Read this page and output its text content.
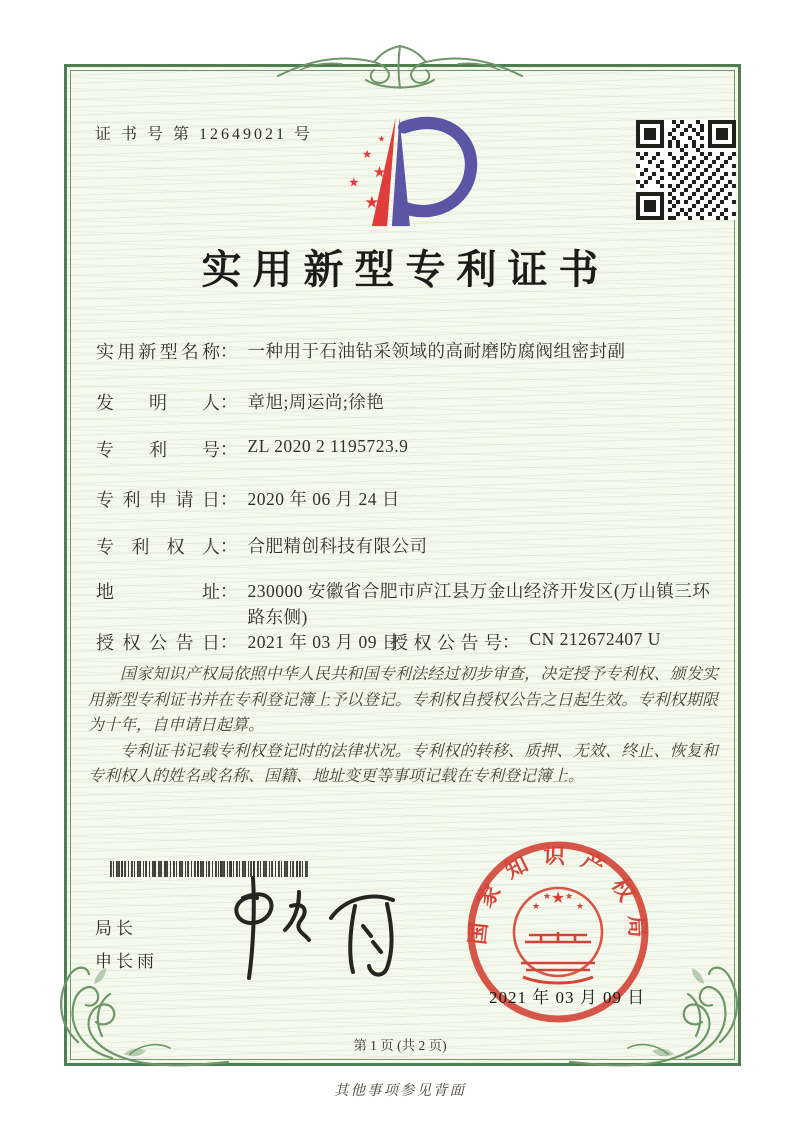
证 书 号 第 12649021 号	★
★
★
★
★
实用新型专利证书
实用新型名称： 一种用于石油钻采领域的高耐磨防腐阀组密封副
发明人： 章旭;周运尚;徐艳
专利号： ZL 2020 2 1195723.9
专利申请日： 2020 年 06 月 24 日
专利权人： 合肥精创科技有限公司
地址： 230000 安徽省合肥市庐江县万金山经济开发区(万山镇三环路东侧)
授权公告日： 2021 年 03 月 09 日
授权公告号： CN 212672407 U

国家知识产权局依照中华人民共和国专利法经过初步审查，决定授予专利权、颁发实用新型专利证书并在专利登记簿上予以登记。专利权自授权公告之日起生效。专利权期限为十年，自申请日起算。

专利证书记载专利权登记时的法律状况。专利权的转移、质押、无效、终止、恢复和专利权人的姓名或名称、国籍、地址变更等事项记载在专利登记簿上。

局长
申长雨
国家知识产权局
★
★
★ ★
★
2021 年 03 月 09 日
第 1 页 (共 2 页)
其他事项参见背面
